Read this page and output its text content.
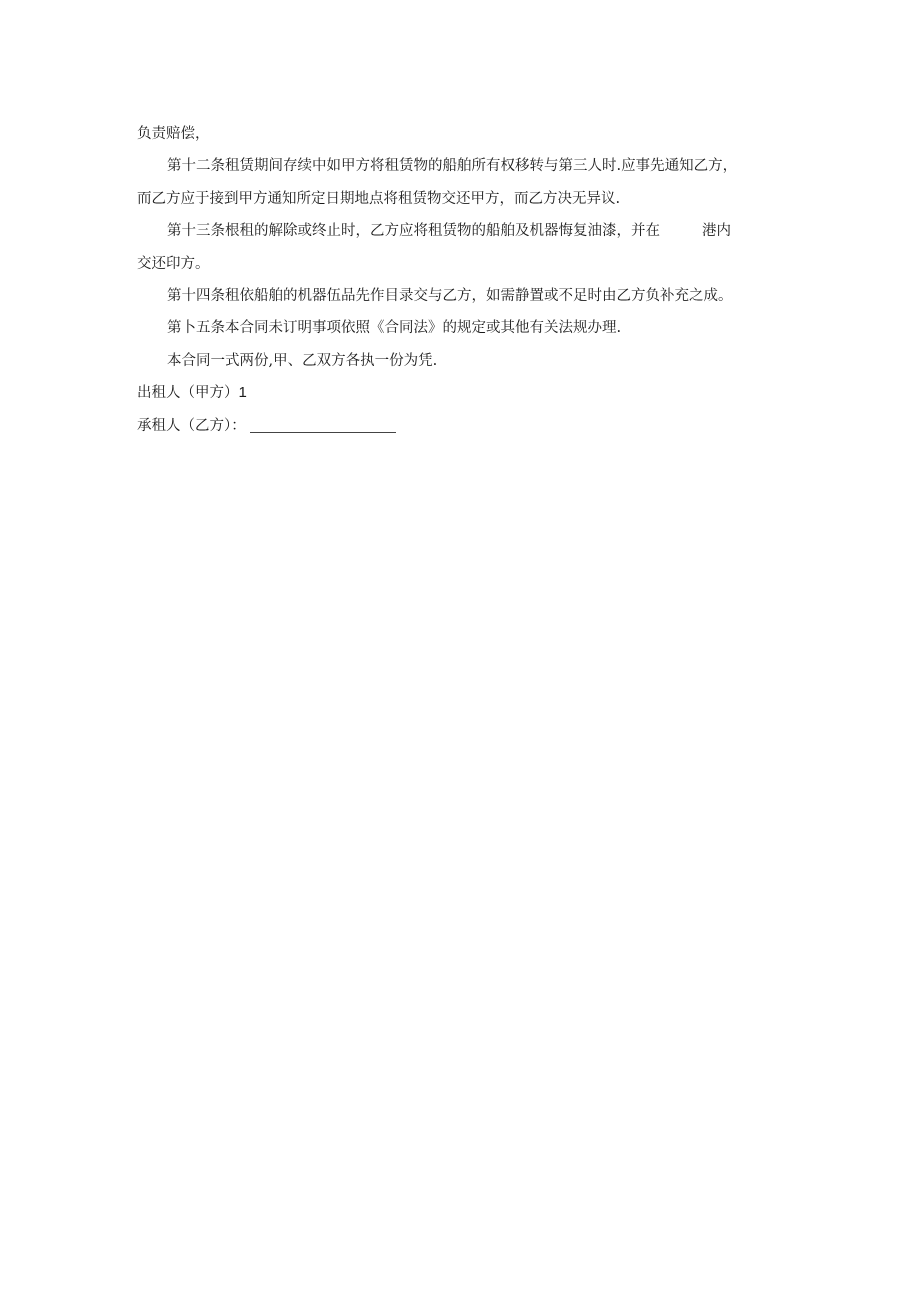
负责赔偿，
第十二条租赁期间存续中如甲方将租赁物的船舶所有权移转与第三人时.应事先通知乙方，
而乙方应于接到甲方通知所定日期地点将租赁物交还甲方，而乙方决无异议.
第十三条根租的解除或终止时，乙方应将租赁物的船舶及机器悔复油漆，并在	港内
交还印方。
第十四条租依船舶的机器伍品先作目录交与乙方，如需静置或不足时由乙方负补充之成。
第卜五条本合同未订明事项依照《合同法》的规定或其他有关法规办理.
本合同一式两份,甲、乙双方各执一份为凭.
出租人（甲方）1
承租人（乙方）：
